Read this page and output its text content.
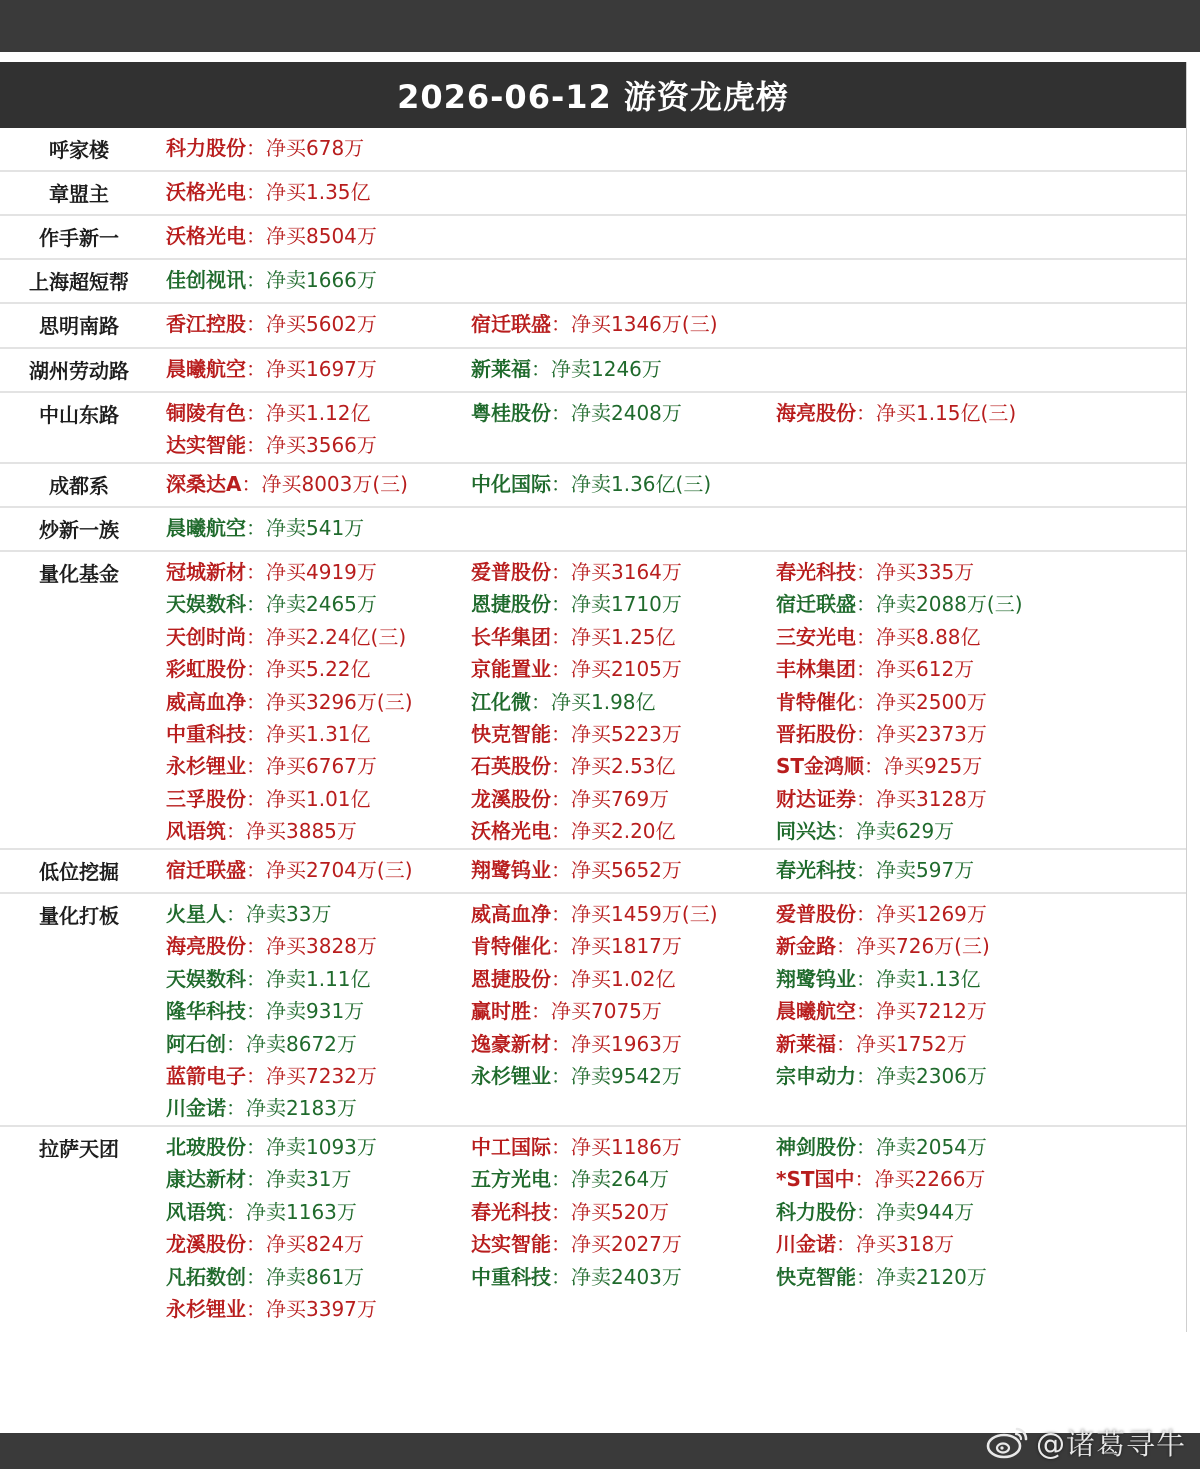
2026-06-12 游资龙虎榜
呼家楼	科力股份：净买678万
章盟主	沃格光电：净买1.35亿
作手新一	沃格光电：净买8504万
上海超短帮	佳创视讯：净卖1666万
思明南路	香江控股：净买5602万	宿迁联盛：净买1346万(三)
湖州劳动路	晨曦航空：净买1697万	新莱福：净卖1246万
中山东路	铜陵有色：净买1.12亿	粤桂股份：净卖2408万	海亮股份：净买1.15亿(三)
达实智能：净买3566万
成都系	深桑达A：净买8003万(三)	中化国际：净卖1.36亿(三)
炒新一族	晨曦航空：净卖541万
量化基金	冠城新材：净买4919万	爱普股份：净买3164万	春光科技：净买335万
天娱数科：净卖2465万	恩捷股份：净卖1710万	宿迁联盛：净卖2088万(三)
天创时尚：净买2.24亿(三)	长华集团：净买1.25亿	三安光电：净买8.88亿
彩虹股份：净买5.22亿	京能置业：净买2105万	丰林集团：净买612万
威高血净：净买3296万(三)	江化微：净买1.98亿	肯特催化：净买2500万
中重科技：净买1.31亿	快克智能：净买5223万	晋拓股份：净买2373万
永杉锂业：净买6767万	石英股份：净买2.53亿	ST金鸿顺：净买925万
三孚股份：净买1.01亿	龙溪股份：净买769万	财达证券：净买3128万
风语筑：净买3885万	沃格光电：净买2.20亿	同兴达：净卖629万
低位挖掘	宿迁联盛：净买2704万(三)	翔鹭钨业：净买5652万	春光科技：净卖597万
量化打板	火星人：净卖33万	威高血净：净买1459万(三)	爱普股份：净买1269万
海亮股份：净买3828万	肯特催化：净买1817万	新金路：净买726万(三)
天娱数科：净卖1.11亿	恩捷股份：净买1.02亿	翔鹭钨业：净卖1.13亿
隆华科技：净卖931万	赢时胜：净买7075万	晨曦航空：净买7212万
阿石创：净卖8672万	逸豪新材：净买1963万	新莱福：净买1752万
蓝箭电子：净买7232万	永杉锂业：净卖9542万	宗申动力：净卖2306万
川金诺：净卖2183万
拉萨天团	北玻股份：净卖1093万	中工国际：净买1186万	神剑股份：净卖2054万
康达新材：净卖31万	五方光电：净卖264万	*ST国中：净买2266万
风语筑：净卖1163万	春光科技：净买520万	科力股份：净卖944万
龙溪股份：净买824万	达实智能：净买2027万	川金诺：净买318万
凡拓数创：净卖861万	中重科技：净卖2403万	快克智能：净卖2120万
永杉锂业：净买3397万
@诸葛寻牛
